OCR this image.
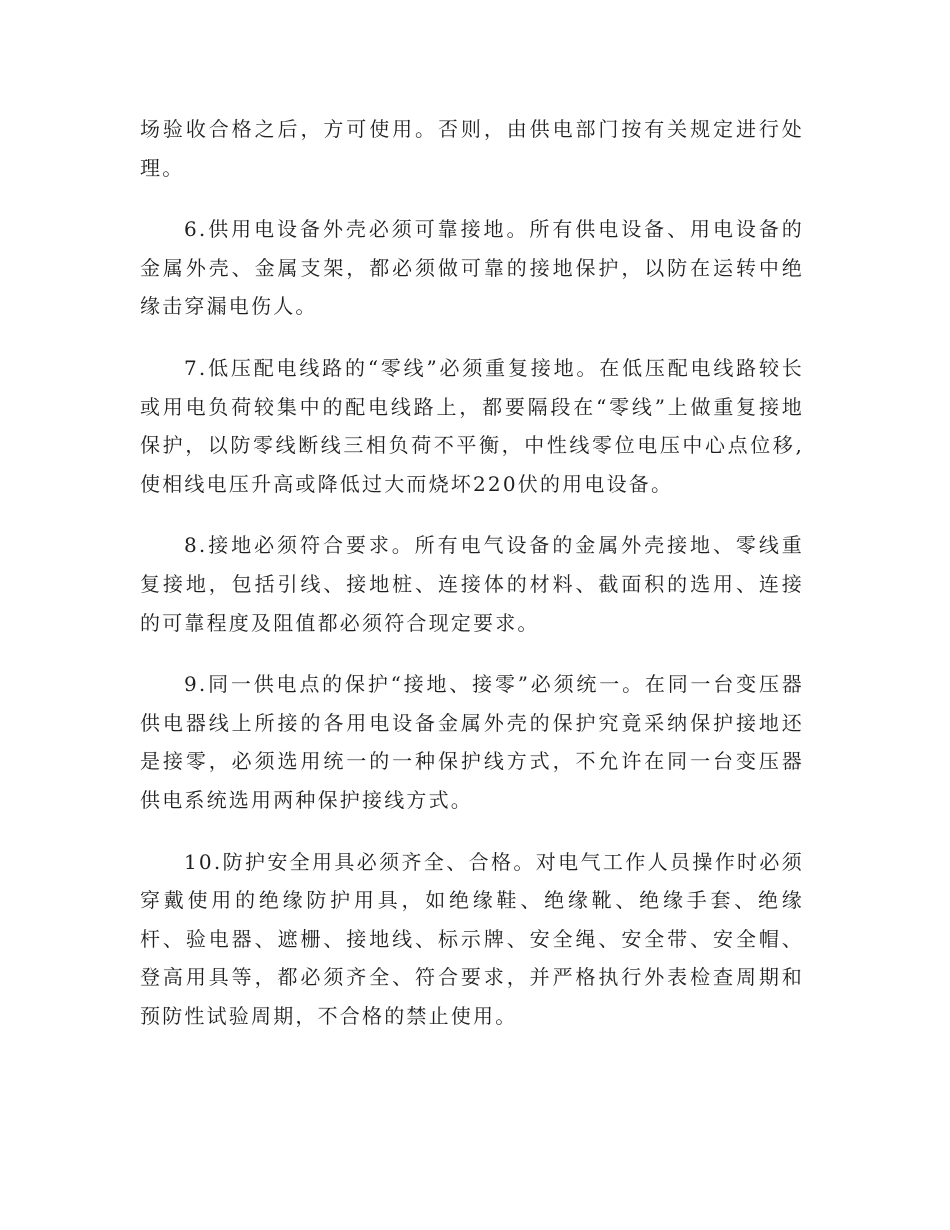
场验收合格之后，方可使用。否则，由供电部门按有关规定进行处理。

6.供用电设备外壳必须可靠接地。所有供电设备、用电设备的金属外壳、金属支架，都必须做可靠的接地保护，以防在运转中绝缘击穿漏电伤人。

7.低压配电线路的“零线”必须重复接地。在低压配电线路较长或用电负荷较集中的配电线路上，都要隔段在“零线”上做重复接地保护，以防零线断线三相负荷不平衡，中性线零位电压中心点位移,使相线电压升高或降低过大而烧坏220伏的用电设备。

8.接地必须符合要求。所有电气设备的金属外壳接地、零线重复接地，包括引线、接地桩、连接体的材料、截面积的选用、连接的可靠程度及阻值都必须符合现定要求。

9.同一供电点的保护“接地、接零”必须统一。在同一台变压器供电器线上所接的各用电设备金属外壳的保护究竟采纳保护接地还是接零，必须选用统一的一种保护线方式，不允许在同一台变压器供电系统选用两种保护接线方式。

10.防护安全用具必须齐全、合格。对电气工作人员操作时必须穿戴使用的绝缘防护用具，如绝缘鞋、绝缘靴、绝缘手套、绝缘杆、验电器、遮栅、接地线、标示牌、安全绳、安全带、安全帽、登高用具等，都必须齐全、符合要求，并严格执行外表检查周期和预防性试验周期，不合格的禁止使用。
